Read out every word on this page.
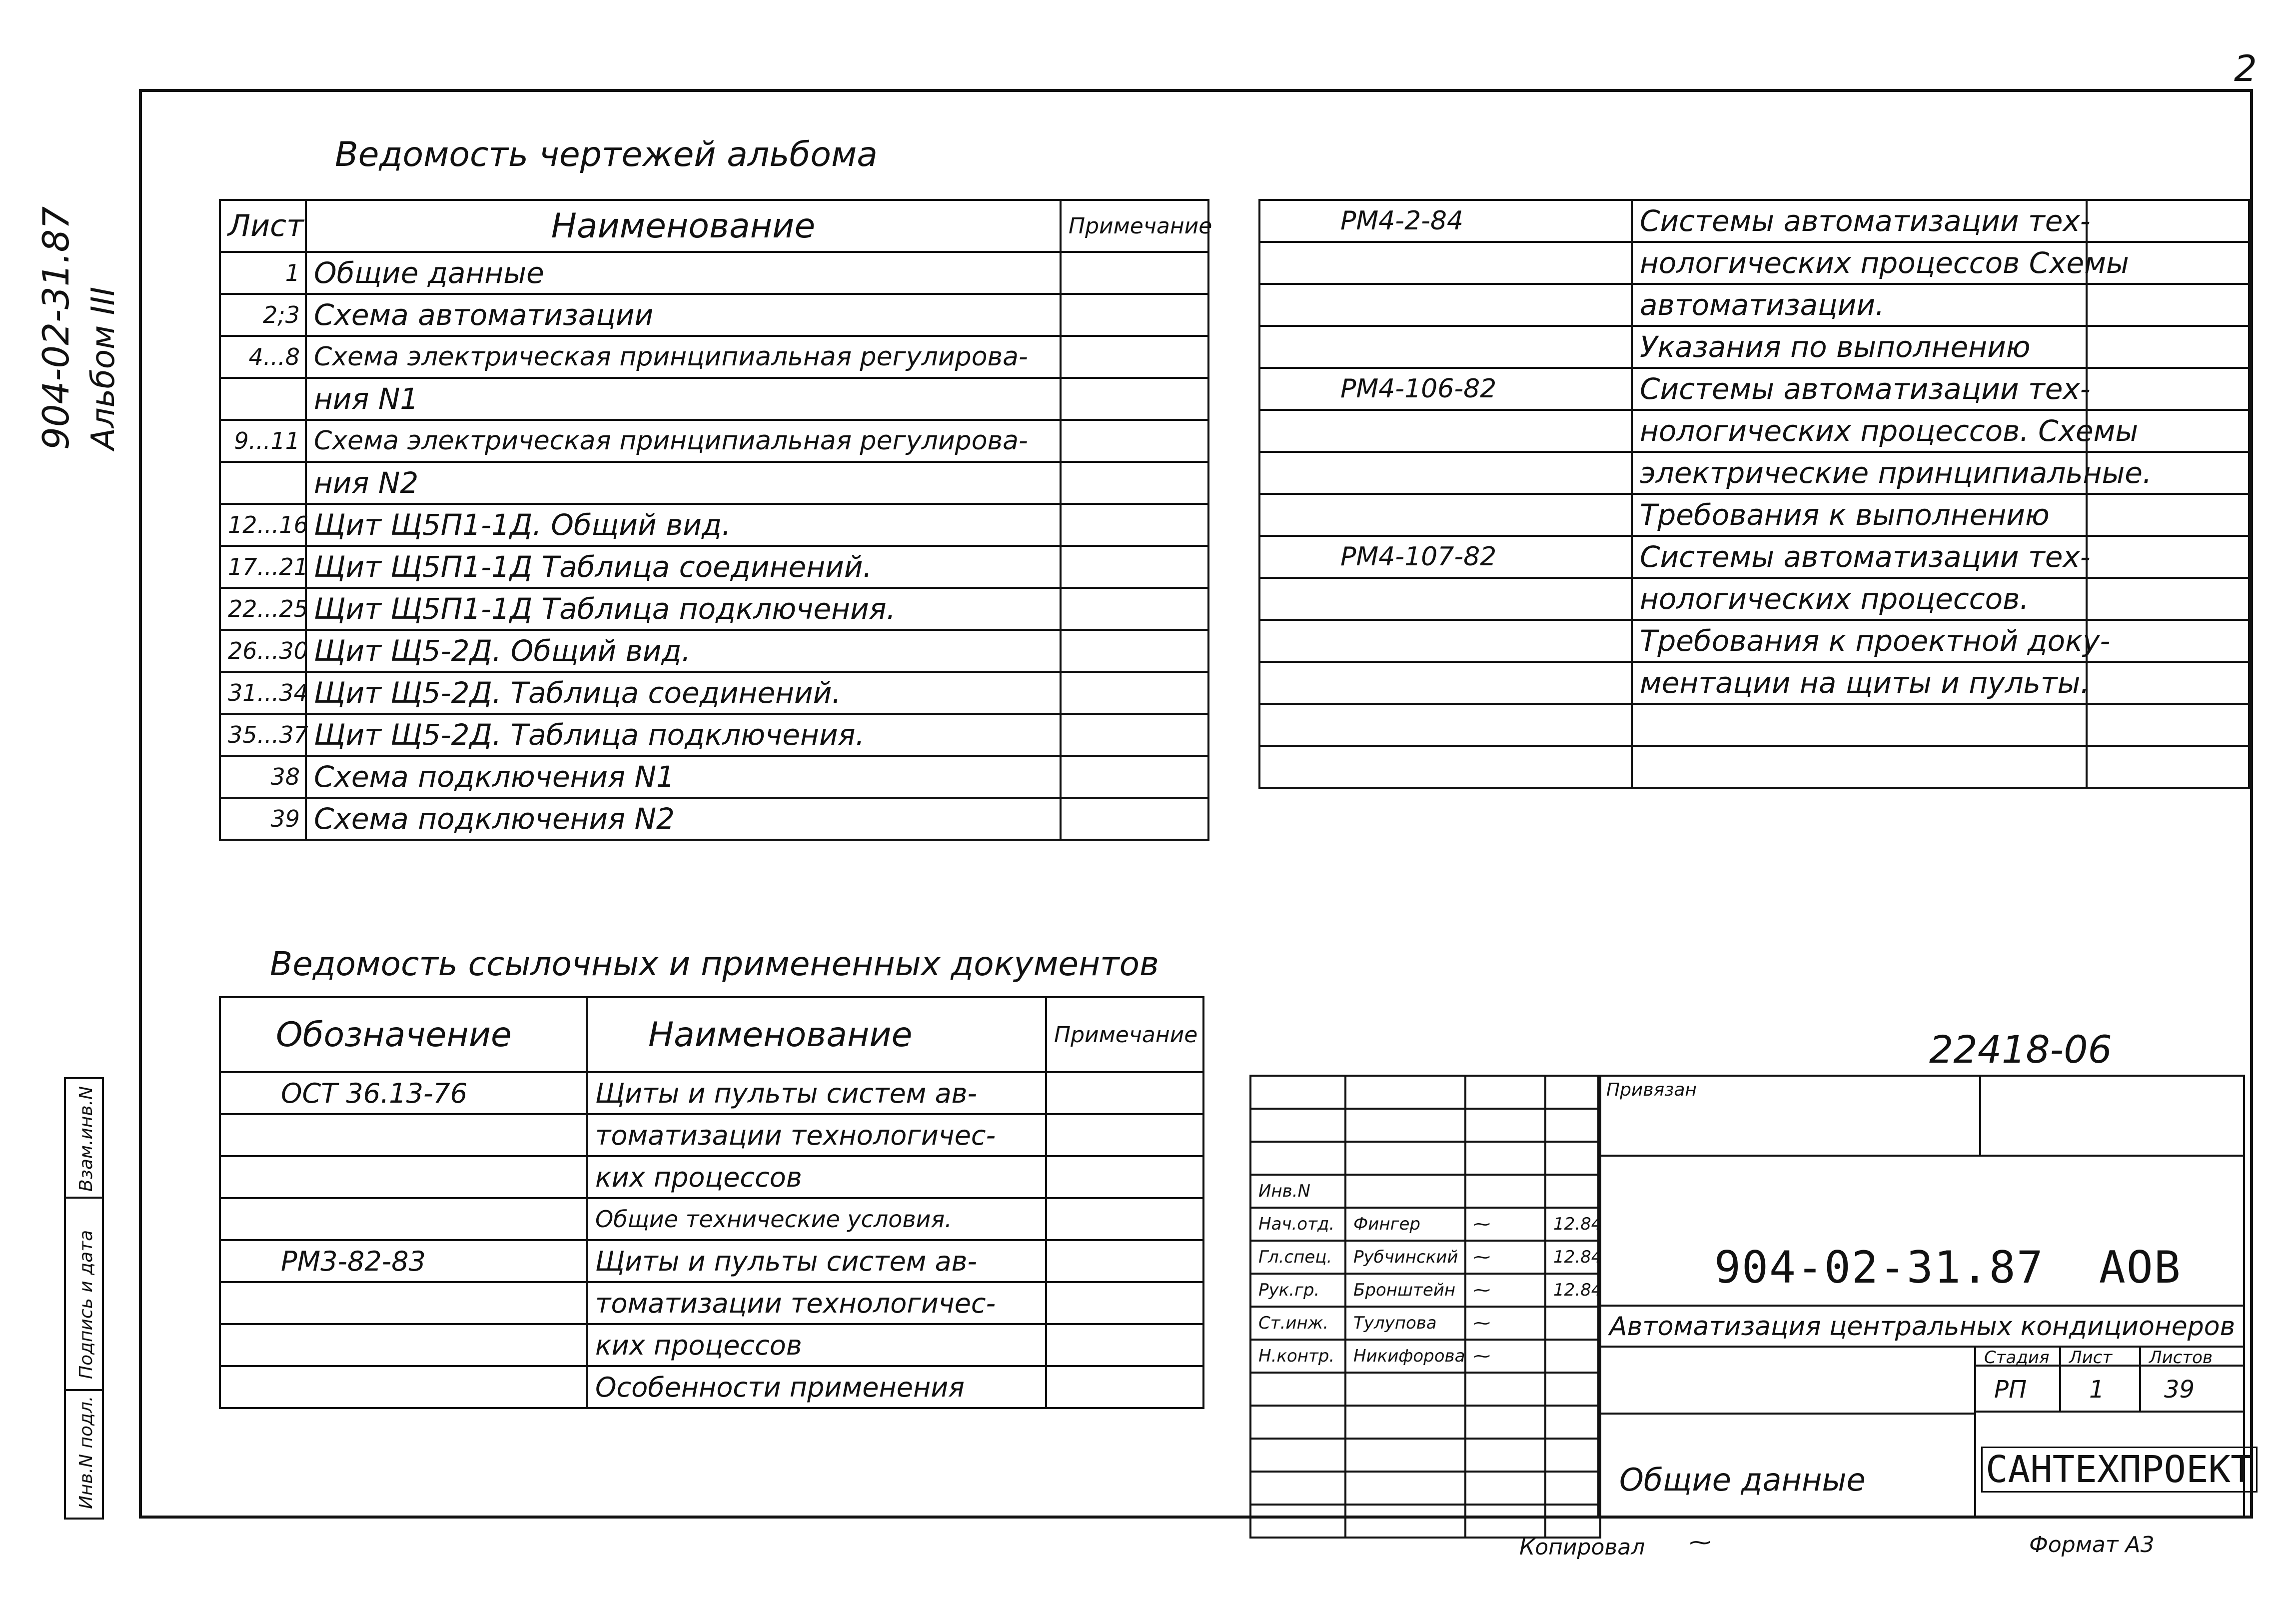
2
904-02-31.87 Альбом III
Взам.инв.N
Подпись и дата
Инв.N подл.
Ведомость чертежей альбома
Лист	Наименование	Примечание
1	Общие данные	
2;3	Схема автоматизации	
4...8	Схема электрическая принципиальная регулирова-	
	ния N1	
9...11	Схема электрическая принципиальная регулирова-	
	ния N2	
12...16	Щит Щ5П1-1Д. Общий вид.	
17...21	Щит Щ5П1-1Д Таблица соединений.	
22...25	Щит Щ5П1-1Д Таблица подключения.	
26...30	Щит Щ5-2Д. Общий вид.	
31...34	Щит Щ5-2Д. Таблица соединений.	
35...37	Щит Щ5-2Д. Таблица подключения.	
38	Схема подключения N1	
39	Схема подключения N2	
РМ4-2-84	Системы автоматизации тех-	
	нологических процессов Схемы	
	автоматизации.	
	Указания по выполнению	
РМ4-106-82	Системы автоматизации тех-	
	нологических процессов. Схемы	
	электрические принципиальные.	
	Требования к выполнению	
РМ4-107-82	Системы автоматизации тех-	
	нологических процессов.	
	Требования к проектной доку-	
	ментации на щиты и пульты.	

Ведомость ссылочных и примененных документов
Обозначение	Наименование	Примечание
ОСТ 36.13-76	Щиты и пульты систем ав-	
	томатизации технологичес-	
	ких процессов	
	Общие технические условия.	
РМ3-82-83	Щиты и пульты систем ав-	
	томатизации технологичес-	
	ких процессов	
	Особенности применения	
22418-06

Инв.N			
Нач.отд.	Фингер	⁓	12.84
Гл.спец.	Рубчинский	⁓	12.84
Рук.гр.	Бронштейн	⁓	12.84
Ст.инж.	Тулупова	⁓	
Н.контр.	Никифорова	⁓	

Привязан
904-02-31.87  АОВ
Автоматизация центральных кондиционеров
Стадия Лист Листов
РП	1 39
Общие данные	САНТЕХПРОЕКТ
Копировал ⁓	Формат А3
